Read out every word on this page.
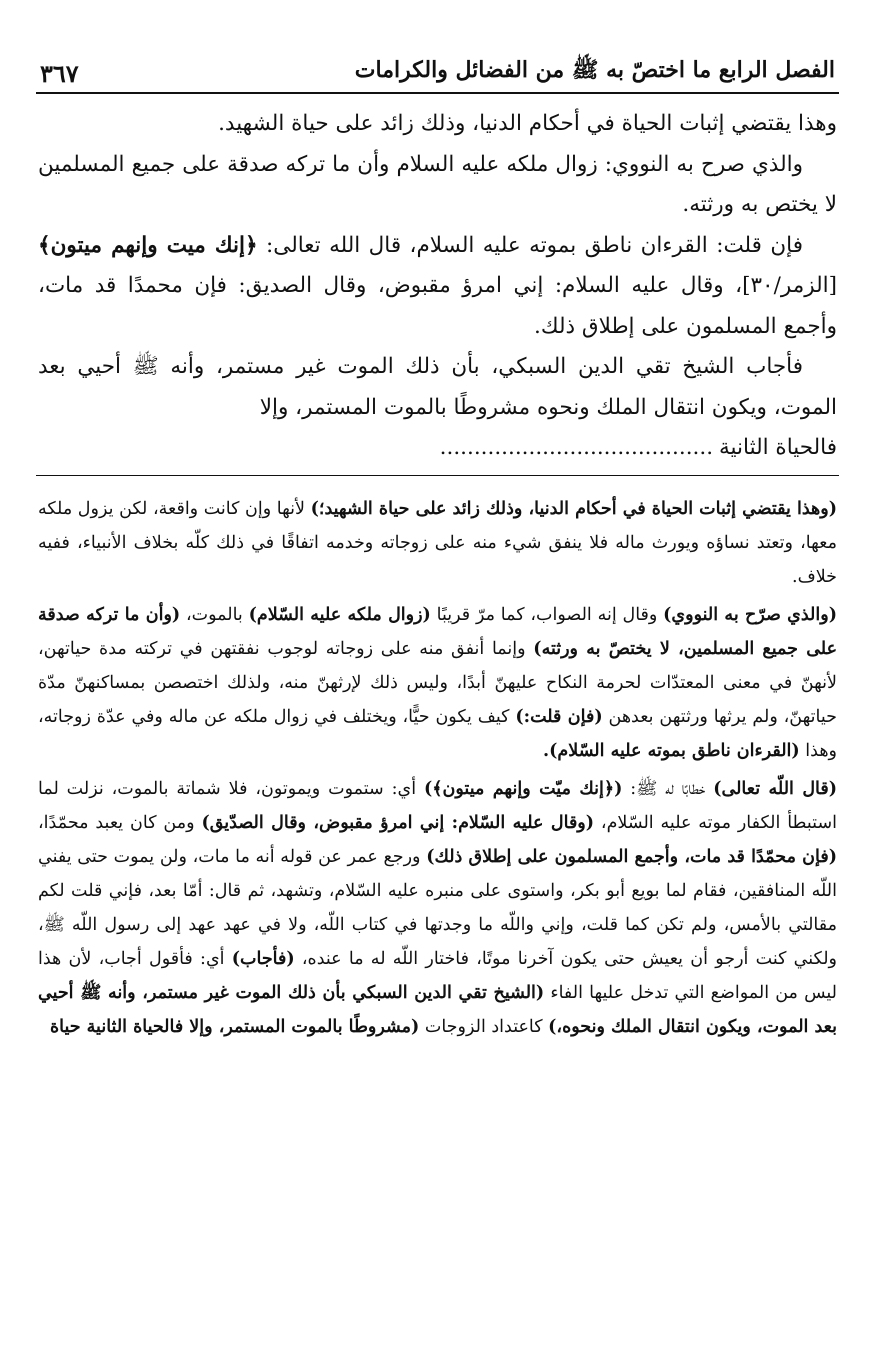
الفصل الرابع ما اختصّ به ﷺ من الفضائل والكرامات
٣٦٧

وهذا يقتضي إثبات الحياة في أحكام الدنيا، وذلك زائد على حياة الشهيد.

والذي صرح به النووي: زوال ملكه عليه السلام وأن ما تركه صدقة على جميع المسلمين لا يختص به ورثته.

فإن قلت: القرءان ناطق بموته عليه السلام، قال الله تعالى: ﴿إنك ميت وإنهم ميتون﴾ [الزمر/٣٠]، وقال عليه السلام: إني امرؤ مقبوض، وقال الصديق: فإن محمدًا قد مات، وأجمع المسلمون على إطلاق ذلك.

فأجاب الشيخ تقي الدين السبكي، بأن ذلك الموت غير مستمر، وأنه ﷺ أحيي بعد الموت، ويكون انتقال الملك ونحوه مشروطًا بالموت المستمر، وإلا

فالحياة الثانية........................................

(وهذا يقتضي إثبات الحياة في أحكام الدنيا، وذلك زائد على حياة الشهيد؛) لأنها وإن كانت واقعة، لكن يزول ملكه معها، وتعتد نساؤه ويورث ماله فلا ينفق شيء منه على زوجاته وخدمه اتفاقًا في ذلك كلّه بخلاف الأنبياء، ففيه خلاف.

(والذي صرّح به النووي) وقال إنه الصواب، كما مرّ قريبًا (زوال ملكه عليه السّلام) بالموت، (وأن ما تركه صدقة على جميع المسلمين، لا يختصّ به ورثته) وإنما أنفق منه على زوجاته لوجوب نفقتهن في تركته مدة حياتهن، لأنهنّ في معنى المعتدّات لحرمة النكاح عليهنّ أبدًا، وليس ذلك لإرثهنّ منه، ولذلك اختصصن بمساكنهنّ مدّة حياتهنّ، ولم يرثها ورثتهن بعدهن (فإن قلت:) كيف يكون حيًّا، ويختلف في زوال ملكه عن ماله وفي عدّة زوجاته، وهذا (القرءان ناطق بموته عليه السّلام).

(قال اللّه تعالى) خطابًا له ﷺ: (﴿إنك ميّت وإنهم ميتون﴾) أي: ستموت ويموتون، فلا شماتة بالموت، نزلت لما استبطأ الكفار موته عليه السّلام، (وقال عليه السّلام: إني امرؤ مقبوض، وقال الصدّيق) ومن كان يعبد محمّدًا، (فإن محمّدًا قد مات، وأجمع المسلمون على إطلاق ذلك) ورجع عمر عن قوله أنه ما مات، ولن يموت حتى يفني اللّه المنافقين، فقام لما بويع أبو بكر، واستوى على منبره عليه السّلام، وتشهد، ثم قال: أمّا بعد، فإني قلت لكم مقالتي بالأمس، ولم تكن كما قلت، وإني واللّه ما وجدتها في كتاب اللّه، ولا في عهد عهد إلى رسول اللّه ﷺ، ولكني كنت أرجو أن يعيش حتى يكون آخرنا موتًا، فاختار اللّه له ما عنده، (فأجاب) أي: فأقول أجاب، لأن هذا ليس من المواضع التي تدخل عليها الفاء (الشيخ تقي الدين السبكي بأن ذلك الموت غير مستمر، وأنه ﷺ أحيي بعد الموت، ويكون انتقال الملك ونحوه،) كاعتداد الزوجات (مشروطًا بالموت المستمر، وإلا فالحياة الثانية حياة
